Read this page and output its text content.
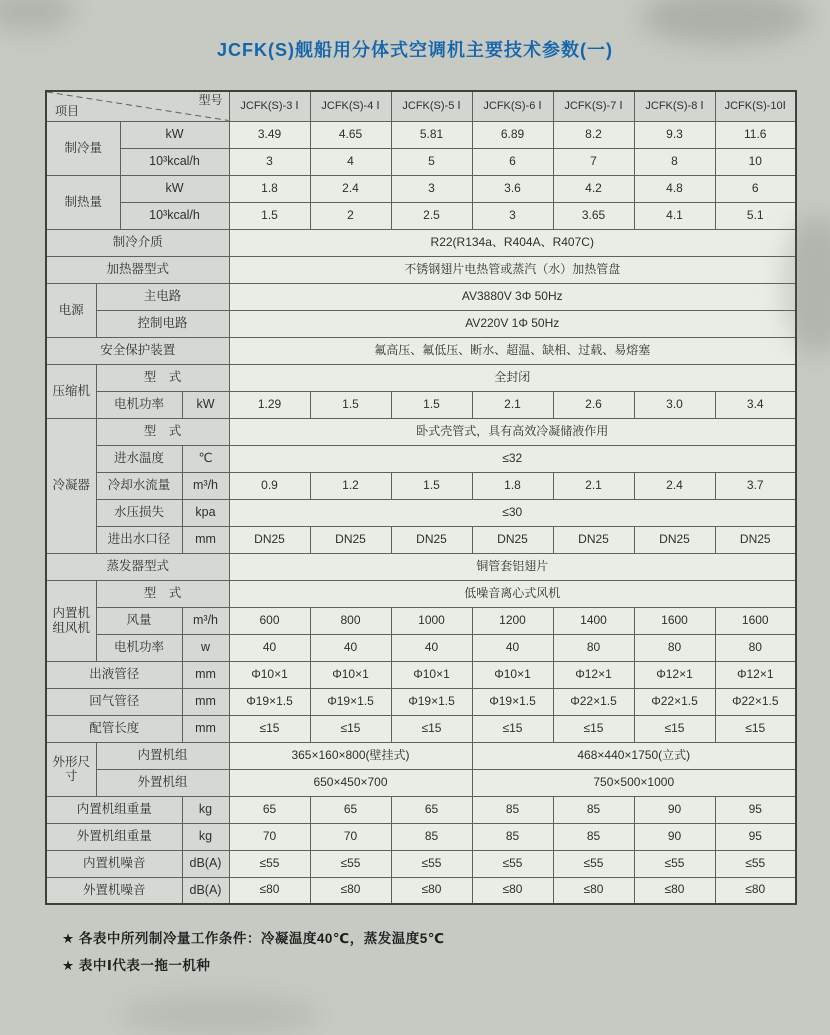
JCFK(S)舰船用分体式空调机主要技术参数(一)
型号
项目				JCFK(S)-3 Ⅰ	JCFK(S)-4 Ⅰ	JCFK(S)-5 Ⅰ	JCFK(S)-6 Ⅰ	JCFK(S)-7 Ⅰ	JCFK(S)-8 Ⅰ	JCFK(S)-10Ⅰ
制冷量		kW		3.49	4.65	5.81	6.89	8.2	9.3	11.6
		10³kcal/h		3	4	5	6	7	8	10
制热量		kW		1.8	2.4	3	3.6	4.2	4.8	6
		10³kcal/h		1.5	2	2.5	3	3.65	4.1	5.1
制冷介质				R22(R134a、R404A、R407C)						
加热器型式				不锈钢翅片电热管或蒸汽（水）加热管盘						
电源	主电路			AV3880V 3Φ 50Hz						
	控制电路			AV220V 1Φ 50Hz						
安全保护装置				氟高压、氟低压、断水、超温、缺相、过载、易熔塞						
压缩机	型　式			全封闭						
	电机功率		kW	1.29	1.5	1.5	2.1	2.6	3.0	3.4
冷凝器	型　式			卧式壳管式，具有高效冷凝储液作用						
	进水温度		℃	≤32						
	冷却水流量		m³/h	0.9	1.2	1.5	1.8	2.1	2.4	3.7
	水压损失		kpa	≤30						
	进出水口径		mm	DN25	DN25	DN25	DN25	DN25	DN25	DN25
蒸发器型式				铜管套铝翅片						
内置机组风机	型　式			低噪音离心式风机						
	风量		m³/h	600	800	1000	1200	1400	1600	1600
	电机功率		w	40	40	40	40	80	80	80
出液管径			mm	Φ10×1	Φ10×1	Φ10×1	Φ10×1	Φ12×1	Φ12×1	Φ12×1
回气管径			mm	Φ19×1.5	Φ19×1.5	Φ19×1.5	Φ19×1.5	Φ22×1.5	Φ22×1.5	Φ22×1.5
配管长度			mm	≤15	≤15	≤15	≤15	≤15	≤15	≤15
外形尺寸	内置机组			365×160×800(壁挂式)			468×440×1750(立式)			
	外置机组			650×450×700			750×500×1000			
内置机组重量			kg	65	65	65	85	85	90	95
外置机组重量			kg	70	70	85	85	85	90	95
内置机噪音			dB(A)	≤55	≤55	≤55	≤55	≤55	≤55	≤55
外置机噪音			dB(A)	≤80	≤80	≤80	≤80	≤80	≤80	≤80
★ 各表中所列制冷量工作条件：冷凝温度40℃，蒸发温度5℃
★ 表中Ⅰ代表一拖一机种
